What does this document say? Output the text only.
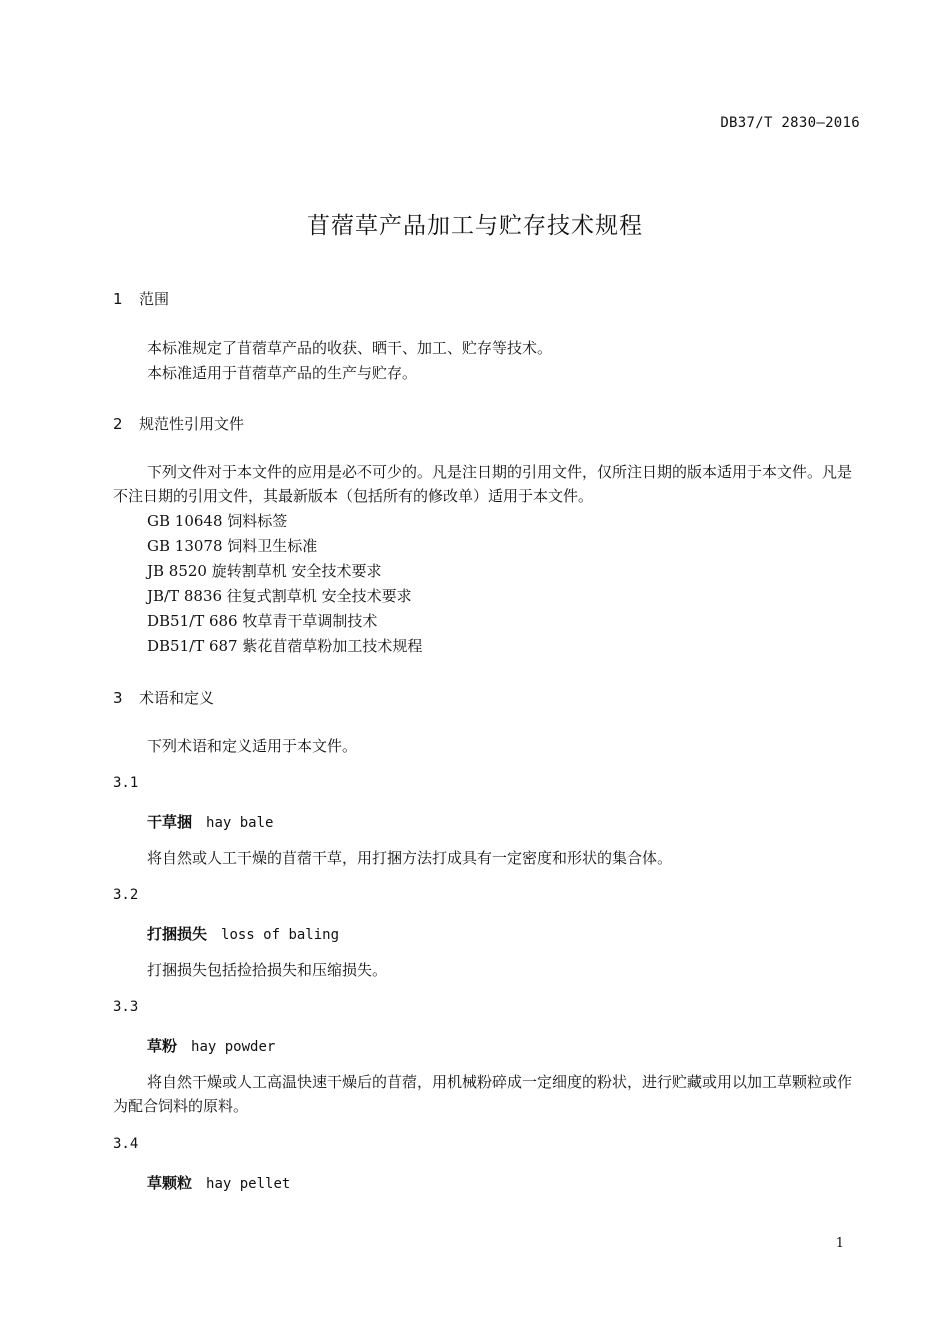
DB37/T 2830—2016
苜蓿草产品加工与贮存技术规程
1 范围
本标准规定了苜蓿草产品的收获、晒干、加工、贮存等技术。
本标准适用于苜蓿草产品的生产与贮存。
2 规范性引用文件
下列文件对于本文件的应用是必不可少的。凡是注日期的引用文件，仅所注日期的版本适用于本文件。凡是不注日期的引用文件，其最新版本（包括所有的修改单）适用于本文件。
GB 10648 饲料标签
GB 13078 饲料卫生标准
JB 8520 旋转割草机 安全技术要求
JB/T 8836 往复式割草机 安全技术要求
DB51/T 686 牧草青干草调制技术
DB51/T 687 紫花苜蓿草粉加工技术规程
3 术语和定义
下列术语和定义适用于本文件。
3.1
干草捆 hay bale
将自然或人工干燥的苜蓿干草，用打捆方法打成具有一定密度和形状的集合体。
3.2
打捆损失 loss of baling
打捆损失包括捡拾损失和压缩损失。
3.3
草粉 hay powder
将自然干燥或人工高温快速干燥后的苜蓿，用机械粉碎成一定细度的粉状，进行贮藏或用以加工草颗粒或作为配合饲料的原料。
3.4
草颗粒 hay pellet
1
